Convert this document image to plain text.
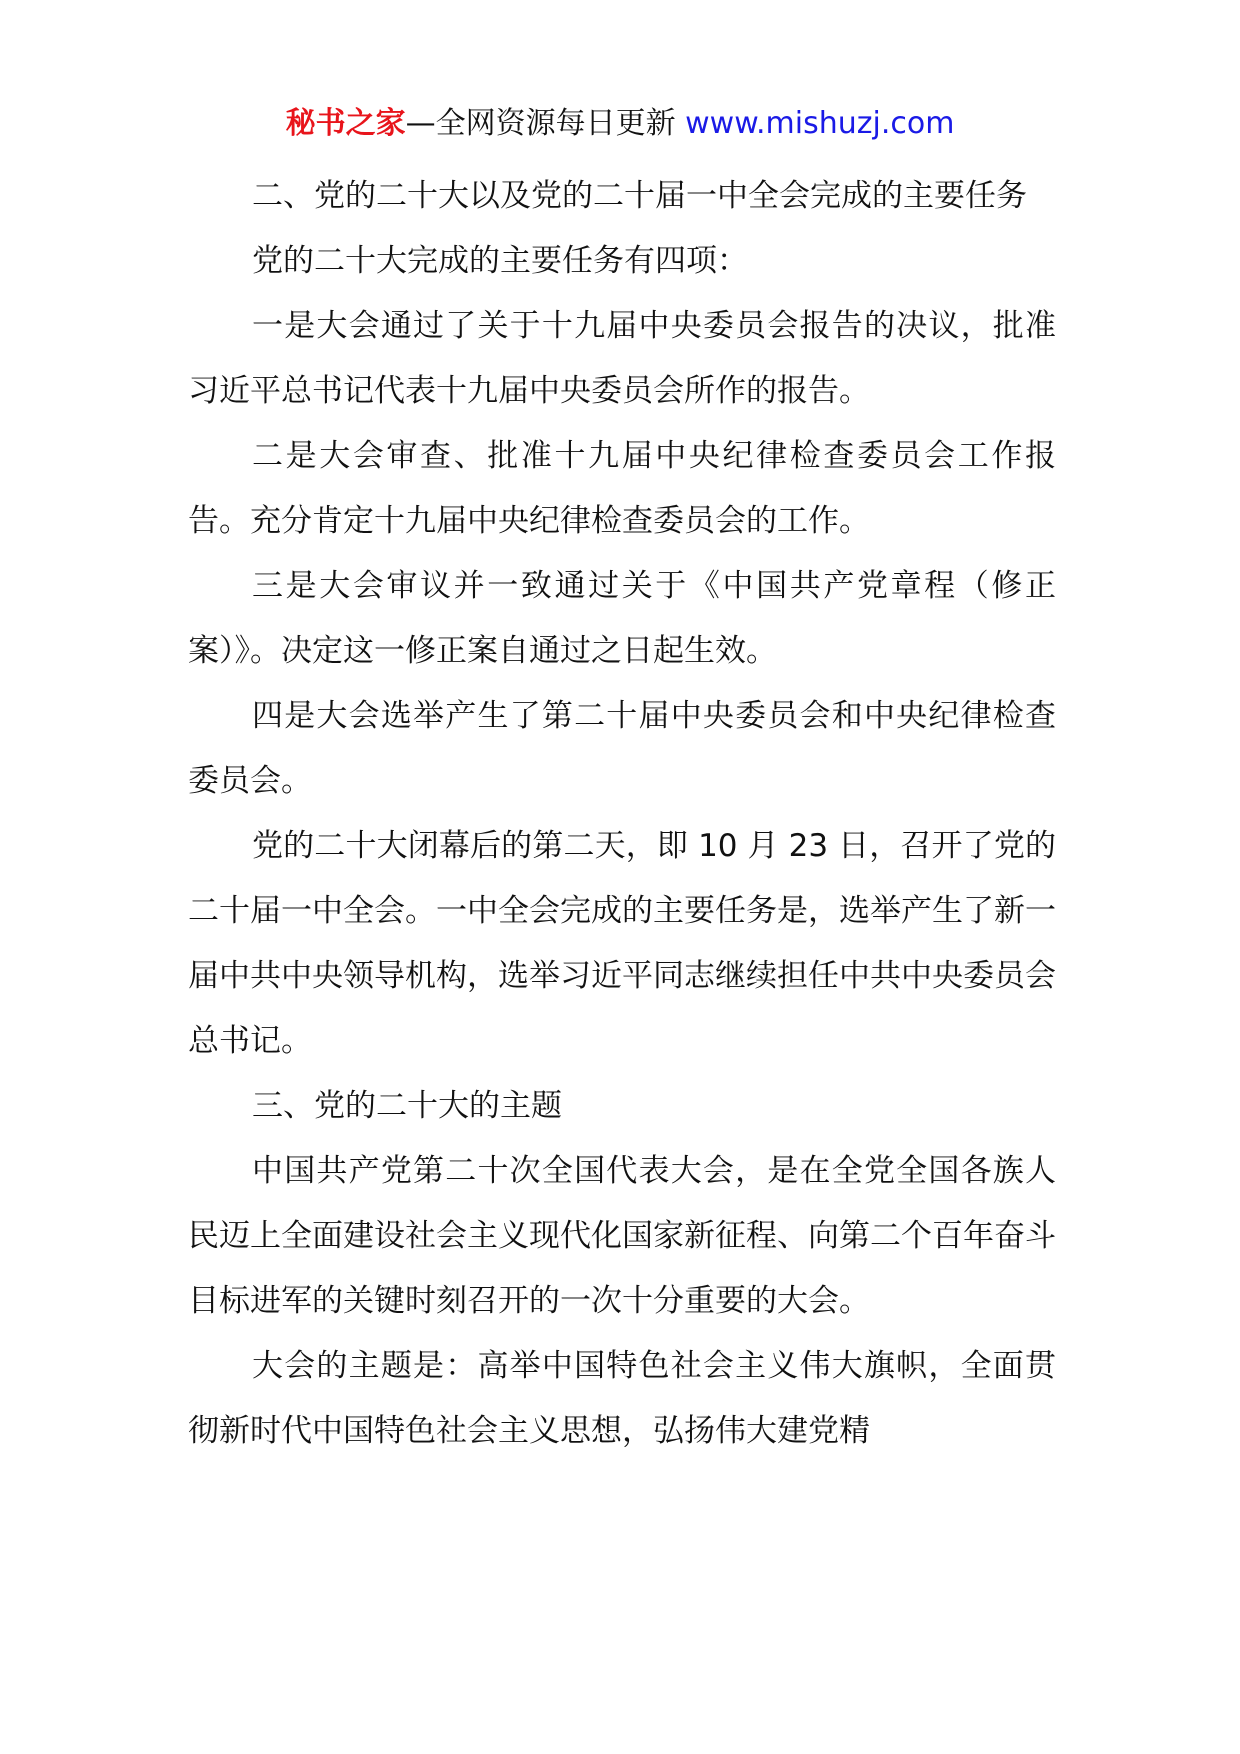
秘书之家—全网资源每日更新 www.mishuzj.com

二、党的二十大以及党的二十届一中全会完成的主要任务

党的二十大完成的主要任务有四项：

一是大会通过了关于十九届中央委员会报告的决议，批准习近平总书记代表十九届中央委员会所作的报告。

二是大会审查、批准十九届中央纪律检查委员会工作报告。充分肯定十九届中央纪律检查委员会的工作。

三是大会审议并一致通过关于《中国共产党章程（修正案）》。决定这一修正案自通过之日起生效。

四是大会选举产生了第二十届中央委员会和中央纪律检查委员会。

党的二十大闭幕后的第二天，即 10 月 23 日，召开了党的二十届一中全会。一中全会完成的主要任务是，选举产生了新一届中共中央领导机构，选举习近平同志继续担任中共中央委员会总书记。

三、党的二十大的主题

中国共产党第二十次全国代表大会，是在全党全国各族人民迈上全面建设社会主义现代化国家新征程、向第二个百年奋斗目标进军的关键时刻召开的一次十分重要的大会。

大会的主题是：高举中国特色社会主义伟大旗帜，全面贯彻新时代中国特色社会主义思想，弘扬伟大建党精
